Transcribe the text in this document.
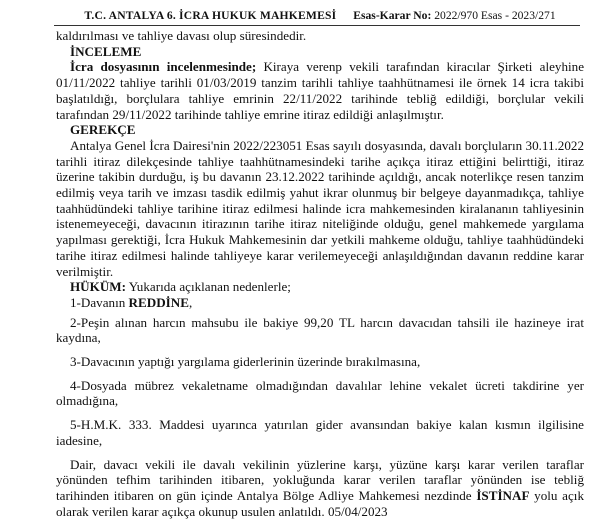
T.C. ANTALYA 6. İCRA HUKUK MAHKEMESİ Esas-Karar No: 2022/970 Esas - 2023/271

kaldırılması ve tahliye davası olup süresindedir.

İNCELEME

İcra dosyasının incelenmesinde; Kiraya verenp vekili tarafından kiracılar Şirketi aleyhine 01/11/2022 tahliye tarihli 01/03/2019 tanzim tarihli tahliye taahhütnamesi ile örnek 14 icra takibi başlatıldığı, borçlulara tahliye emrinin 22/11/2022 tarihinde tebliğ edildiği, borçlular vekili tarafından 29/11/2022 tarihinde tahliye emrine itiraz edildiği anlaşılmıştır.

GEREKÇE

Antalya Genel İcra Dairesi'nin 2022/223051 Esas sayılı dosyasında, davalı borçluların 30.11.2022 tarihli itiraz dilekçesinde tahliye taahhütnamesindeki tarihe açıkça itiraz ettiğini belirttiği, itiraz üzerine takibin durduğu, iş bu davanın 23.12.2022 tarihinde açıldığı, ancak noterlikçe resen tanzim edilmiş veya tarih ve imzası tasdik edilmiş yahut ikrar olunmuş bir belgeye dayanmadıkça, tahliye taahhüdündeki tahliye tarihine itiraz edilmesi halinde icra mahkemesinden kiralananın tahliyesinin istenemeyeceği, davacının itirazının tarihe itiraz niteliğinde olduğu, genel mahkemede yargılama yapılması gerektiği, İcra Hukuk Mahkemesinin dar yetkili mahkeme olduğu, tahliye taahhüdündeki tarihe itiraz edilmesi halinde tahliyeye karar verilemeyeceği anlaşıldığından davanın reddine karar verilmiştir.

HÜKÜM: Yukarıda açıklanan nedenlerle;

1-Davanın REDDİNE,

2-Peşin alınan harcın mahsubu ile bakiye 99,20 TL harcın davacıdan tahsili ile hazineye irat kaydına,

3-Davacının yaptığı yargılama giderlerinin üzerinde bırakılmasına,

4-Dosyada mübrez vekaletname olmadığından davalılar lehine vekalet ücreti takdirine yer olmadığına,

5-H.M.K. 333. Maddesi uyarınca yatırılan gider avansından bakiye kalan kısmın ilgilisine iadesine,

Dair, davacı vekili ile davalı vekilinin yüzlerine karşı, yüzüne karşı karar verilen taraflar yönünden tefhim tarihinden itibaren, yokluğunda karar verilen taraflar yönünden ise tebliğ tarihinden itibaren on gün içinde Antalya Bölge Adliye Mahkemesi nezdinde İSTİNAF yolu açık olarak verilen karar açıkça okunup usulen anlatıldı. 05/04/2023
